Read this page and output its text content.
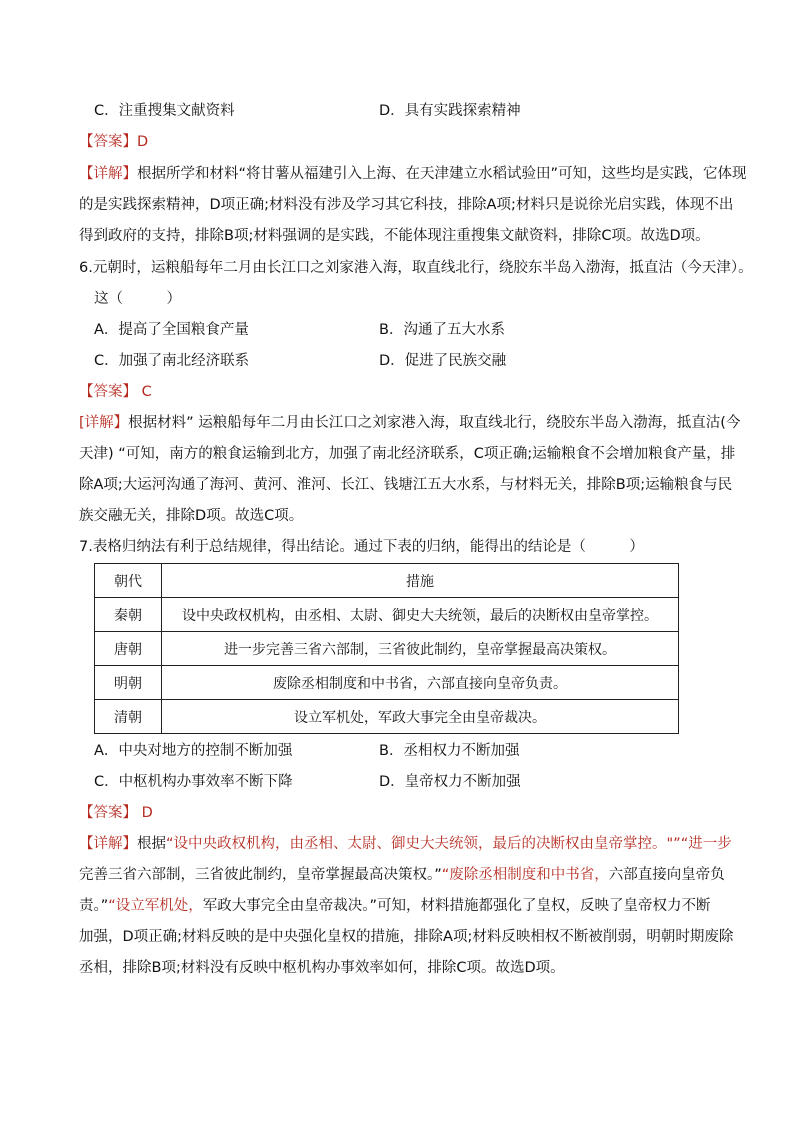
C．注重搜集文献资料	D．具有实践探索精神
【答案】D
【详解】根据所学和材料“将甘薯从福建引入上海、在天津建立水稻试验田”可知，这些均是实践，它体现
的是实践探索精神，D项正确;材料没有涉及学习其它科技，排除A项;材料只是说徐光启实践，体现不出
得到政府的支持，排除B项;材料强调的是实践，不能体现注重搜集文献资料，排除C项。故选D项。
6.元朝时，运粮船每年二月由长江口之刘家港入海，取直线北行，绕胶东半岛入渤海，抵直沽（今天津）。
这（　　　）
A．提高了全国粮食产量	B．沟通了五大水系
C．加强了南北经济联系	D．促进了民族交融
【答案】 C
[详解】根据材料” 运粮船每年二月由长江口之刘家港入海，取直线北行，绕胶东半岛入渤海，抵直沽(今
天津) “可知，南方的粮食运输到北方，加强了南北经济联系，C项正确;运输粮食不会增加粮食产量，排
除A项;大运河沟通了海河、黄河、淮河、长江、钱塘江五大水系，与材料无关，排除B项;运输粮食与民
族交融无关，排除D项。故选C项。
7.表格归纳法有利于总结规律，得出结论。通过下表的归纳，能得出的结论是（　　　）
朝代	措施
秦朝	设中央政权机构，由丞相、太尉、御史大夫统领，最后的决断权由皇帝掌控。
唐朝	进一步完善三省六部制，三省彼此制约，皇帝掌握最高决策权。
明朝	废除丞相制度和中书省，六部直接向皇帝负责。
清朝	设立军机处，军政大事完全由皇帝裁决。
A．中央对地方的控制不断加强	B．丞相权力不断加强
C．中枢机构办事效率不断下降	D．皇帝权力不断加强
【答案】 D
【详解】根据“设中央政权机构，由丞相、太尉、御史大夫统领，最后的决断权由皇帝掌控。"”“进一步
完善三省六部制，三省彼此制约，皇帝掌握最高决策权。”“废除丞相制度和中书省，六部直接向皇帝负
责。”“设立军机处，军政大事完全由皇帝裁决。”可知，材料措施都强化了皇权，反映了皇帝权力不断
加强，D项正确;材料反映的是中央强化皇权的措施，排除A项;材料反映相权不断被削弱，明朝时期废除
丞相，排除B项;材料没有反映中枢机构办事效率如何，排除C项。故选D项。
